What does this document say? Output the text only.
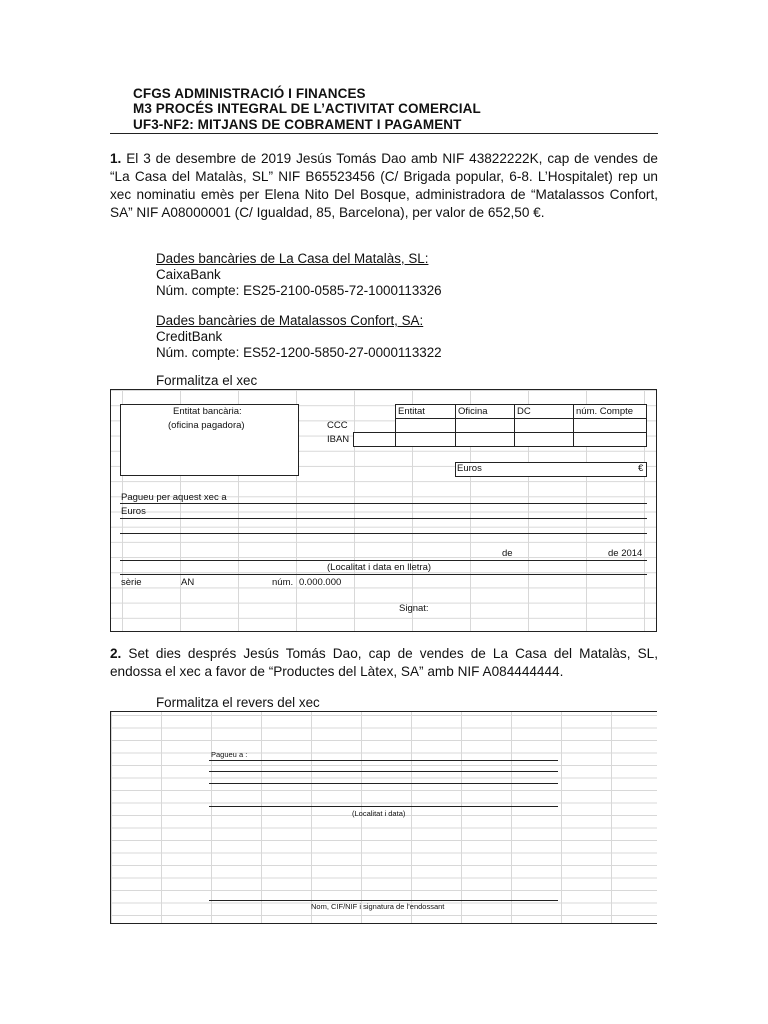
CFGS ADMINISTRACIÓ I FINANCES
M3 PROCÉS INTEGRAL DE L’ACTIVITAT COMERCIAL
UF3-NF2: MITJANS DE COBRAMENT I PAGAMENT
1. El 3 de desembre de 2019 Jesús Tomás Dao amb NIF 43822222K, cap de vendes de “La Casa del Matalàs, SL” NIF B65523456 (C/ Brigada popular, 6-8. L’Hospitalet) rep un xec nominatiu emès per Elena Nito Del Bosque, administradora de “Matalassos Confort, SA” NIF A08000001 (C/ Igualdad, 85, Barcelona), per valor de 652,50 €.
Dades bancàries de La Casa del Matalàs, SL:
CaixaBank
Núm. compte: ES25-2100-0585-72-1000113326
Dades bancàries de Matalassos Confort, SA:
CreditBank
Núm. compte: ES52-1200-5850-27-0000113322
Formalitza el xec
Entitat bancària:
(oficina pagadora)	CCC
IBAN
Entitat	Oficina	DC	núm. Compte
Euros	€
Pagueu per aquest xec a
Euros
de	de 2014
(Localitat i data en lletra)
sèrie	AN	núm. 0.000.000
Signat:
2. Set dies després Jesús Tomás Dao, cap de vendes de La Casa del Matalàs, SL, endossa el xec a favor de “Productes del Làtex, SA” amb NIF A084444444.
Formalitza el revers del xec
Pagueu a :
(Localitat i data)
Nom, CIF/NIF i signatura de l’endossant
